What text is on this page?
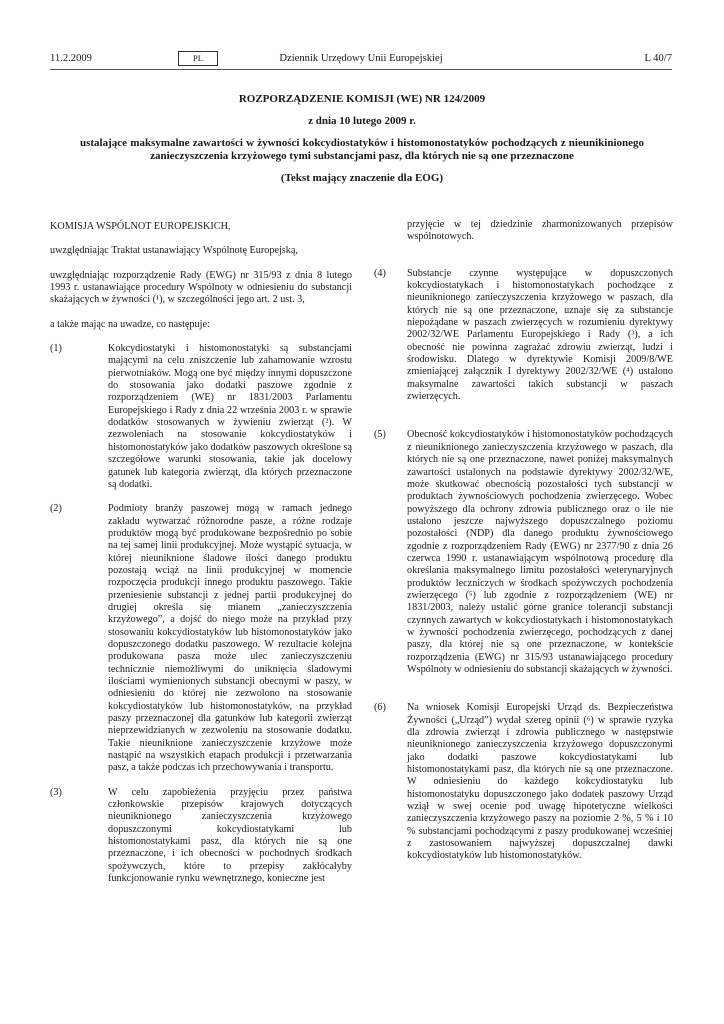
11.2.2009	PL	Dziennik Urzędowy Unii Europejskiej	L 40/7

ROZPORZĄDZENIE KOMISJI (WE) NR 124/2009

z dnia 10 lutego 2009 r.

ustalające maksymalne zawartości w żywności kokcydiostatyków i histomonostatyków pochodzących z nieunikinionego zanieczyszczenia krzyżowego tymi substancjami pasz, dla których nie są one przeznaczone

(Tekst mający znaczenie dla EOG)

KOMISJA WSPÓLNOT EUROPEJSKICH,

uwzględniając Traktat ustanawiający Wspólnotę Europejską,

uwzględniając rozporządzenie Rady (EWG) nr 315/93 z dnia 8 lutego 1993 r. ustanawiające procedury Wspólnoty w odniesieniu do substancji skażających w żywności (¹), w szczególności jego art. 2 ust. 3,

a także mając na uwadze, co następuje:

(1)	Kokcydiostatyki i histomonostatyki są substancjami mającymi na celu zniszczenie lub zahamowanie wzrostu pierwotniaków. Mogą one być między innymi dopuszczone do stosowania jako dodatki paszowe zgodnie z rozporządzeniem (WE) nr 1831/2003 Parlamentu Europejskiego i Rady z dnia 22 września 2003 r. w sprawie dodatków stosowanych w żywieniu zwierząt (²). W zezwoleniach na stosowanie kokcydiostatyków i histomonostatyków jako dodatków paszowych określone są szczegółowe warunki stosowania, takie jak docelowy gatunek lub kategoria zwierząt, dla których przeznaczone są dodatki.

(2)	Podmioty branży paszowej mogą w ramach jednego zakładu wytwarzać różnorodne pasze, a różne rodzaje produktów mogą być produkowane bezpośrednio po sobie na tej samej linii produkcyjnej. Może wystąpić sytuacja, w której nieuniknione śladowe ilości danego produktu pozostają wciąż na linii produkcyjnej w momencie rozpoczęcia produkcji innego produktu paszowego. Takie przeniesienie substancji z jednej partii produkcyjnej do drugiej określa się mianem „zanieczyszczenia krzyżowego”, a dojść do niego może na przykład przy stosowaniu kokcydiostatyków lub histomonostatyków jako dopuszczonego dodatku paszowego. W rezultacie kolejna produkowana pasza może ulec zanieczyszczeniu technicznie niemożliwymi do uniknięcia śladowymi ilościami wymienionych substancji obecnymi w paszy, w odniesieniu do której nie zezwolono na stosowanie kokcydiostatyków lub histomonostatyków, na przykład paszy przeznaczonej dla gatunków lub kategorii zwierząt nieprzewidzianych w zezwoleniu na stosowanie dodatku. Takie nieuniknione zanieczyszczenie krzyżowe może nastąpić na wszystkich etapach produkcji i przetwarzania pasz, a także podczas ich przechowywania i transportu.

(3)	W celu zapobieżenia przyjęciu przez państwa członkowskie przepisów krajowych dotyczących nieuniknionego zanieczyszczenia krzyżowego dopuszczonymi kokcydiostatykami lub histomonostatykami pasz, dla których nie są one przeznaczone, i ich obecności w pochodnych środkach spożywczych, które to przepisy zakłócałyby funkcjonowanie rynku wewnętrznego, konieczne jest

przyjęcie w tej dziedzinie zharmonizowanych przepisów wspólnotowych.

(4) Substancje czynne występujące w dopuszczonych kokcydiostatykach i histomonostatykach pochodzące z nieuniknionego zanieczyszczenia krzyżowego w paszach, dla których nie są one przeznaczone, uznaje się za substancje niepożądane w paszach zwierzęcych w rozumieniu dyrektywy 2002/32/WE Parlamentu Europejskiego i Rady (³), a ich obecność nie powinna zagrażać zdrowiu zwierząt, ludzi i środowisku. Dlatego w dyrektywie Komisji 2009/8/WE zmieniającej załącznik I dyrektywy 2002/32/WE (⁴) ustalono maksymalne zawartości takich substancji w paszach zwierzęcych.

(5) Obecność kokcydiostatyków i histomonostatyków pochodzących z nieuniknionego zanieczyszczenia krzyżowego w paszach, dla których nie są one przeznaczone, nawet poniżej maksymalnych zawartości ustalonych na podstawie dyrektywy 2002/32/WE, może skutkować obecnością pozostałości tych substancji w produktach żywnościowych pochodzenia zwierzęcego. Wobec powyższego dla ochrony zdrowia publicznego oraz o ile nie ustalono jeszcze najwyższego dopuszczalnego poziomu pozostałości (NDP) dla danego produktu żywnościowego zgodnie z rozporządzeniem Rady (EWG) nr 2377/90 z dnia 26 czerwca 1990 r. ustanawiającym wspólnotową procedurę dla określania maksymalnego limitu pozostałości weterynaryjnych produktów leczniczych w środkach spożywczych pochodzenia zwierzęcego (⁵) lub zgodnie z rozporządzeniem (WE) nr 1831/2003, należy ustalić górne granice tolerancji substancji czynnych zawartych w kokcydiostatykach i histomonostatykach w żywności pochodzenia zwierzęcego, pochodzących z danej paszy, dla której nie są one przeznaczone, w kontekście rozporządzenia (EWG) nr 315/93 ustanawiającego procedury Wspólnoty w odniesieniu do substancji skażających w żywności.

(6) Na wniosek Komisji Europejski Urząd ds. Bezpieczeństwa Żywności („Urząd”) wydał szereg opinii (⁶) w sprawie ryzyka dla zdrowia zwierząt i zdrowia publicznego w następstwie nieuniknionego zanieczyszczenia krzyżowego dopuszczonymi jako dodatki paszowe kokcydiostatykami lub histomonostatykami pasz, dla których nie są one przeznaczone. W odniesieniu do każdego kokcydiostatyku lub histomonostatyku dopuszczonego jako dodatek paszowy Urząd wziął w swej ocenie pod uwagę hipotetyczne wielkości zanieczyszczenia krzyżowego paszy na poziomie 2 %, 5 % i 10 % substancjami pochodzącymi z paszy produkowanej wcześniej z zastosowaniem najwyższej dopuszczalnej dawki kokcydiostatyków lub histomonostatyków.
